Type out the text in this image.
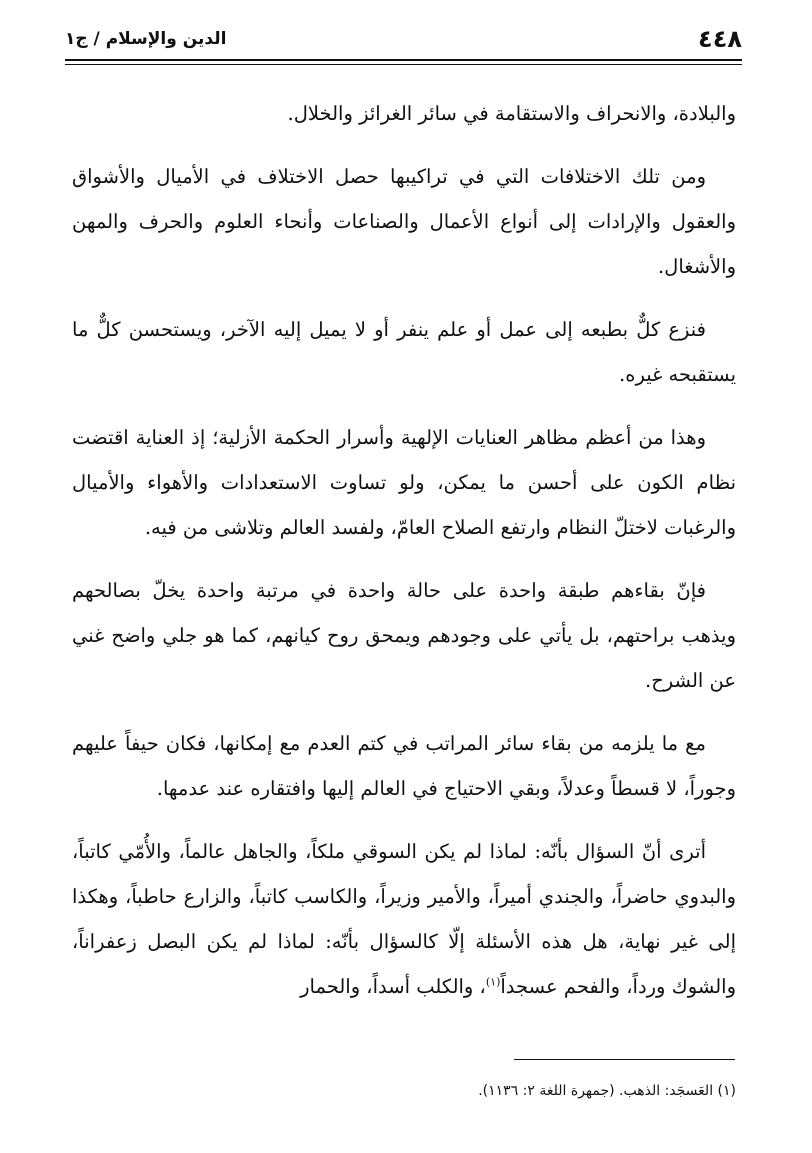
٤٤٨
الدين والإسلام / ج١

والبلادة، والانحراف والاستقامة في سائر الغرائز والخلال.

ومن تلك الاختلافات التي في تراكيبها حصل الاختلاف في الأميال والأشواق والعقول والإرادات إلى أنواع الأعمال والصناعات وأنحاء العلوم والحرف والمهن والأشغال.

فنزع كلٌّ بطبعه إلى عمل أو علم ينفر أو لا يميل إليه الآخر، ويستحسن كلٌّ ما يستقبحه غيره.

وهذا من أعظم مظاهر العنايات الإلهية وأسرار الحكمة الأزلية؛ إذ العناية اقتضت نظام الكون على أحسن ما يمكن، ولو تساوت الاستعدادات والأهواء والأميال والرغبات لاختلّ النظام وارتفع الصلاح العامّ، ولفسد العالم وتلاشى من فيه.

فإنّ بقاءهم طبقة واحدة على حالة واحدة في مرتبة واحدة يخلّ بصالحهم ويذهب براحتهم، بل يأتي على وجودهم ويمحق روح كيانهم، كما هو جلي واضح غني عن الشرح.

مع ما يلزمه من بقاء سائر المراتب في كتم العدم مع إمكانها، فكان حيفاً عليهم وجوراً، لا قسطاً وعدلاً، وبقي الاحتياج في العالم إليها وافتقاره عند عدمها.

أترى أنّ السؤال بأنّه: لماذا لم يكن السوقي ملكاً، والجاهل عالماً، والأُمّي كاتباً، والبدوي حاضراً، والجندي أميراً، والأمير وزيراً، والكاسب كاتباً، والزارع حاطباً، وهكذا إلى غير نهاية، هل هذه الأسئلة إلّا كالسؤال بأنّه: لماذا لم يكن البصل زعفراناً، والشوك ورداً، والفحم عسجداً$^{(١)}$، والكلب أسداً، والحمار

(١) العَسجَد: الذهب. (جمهرة اللغة ٢: ١١٣٦).
